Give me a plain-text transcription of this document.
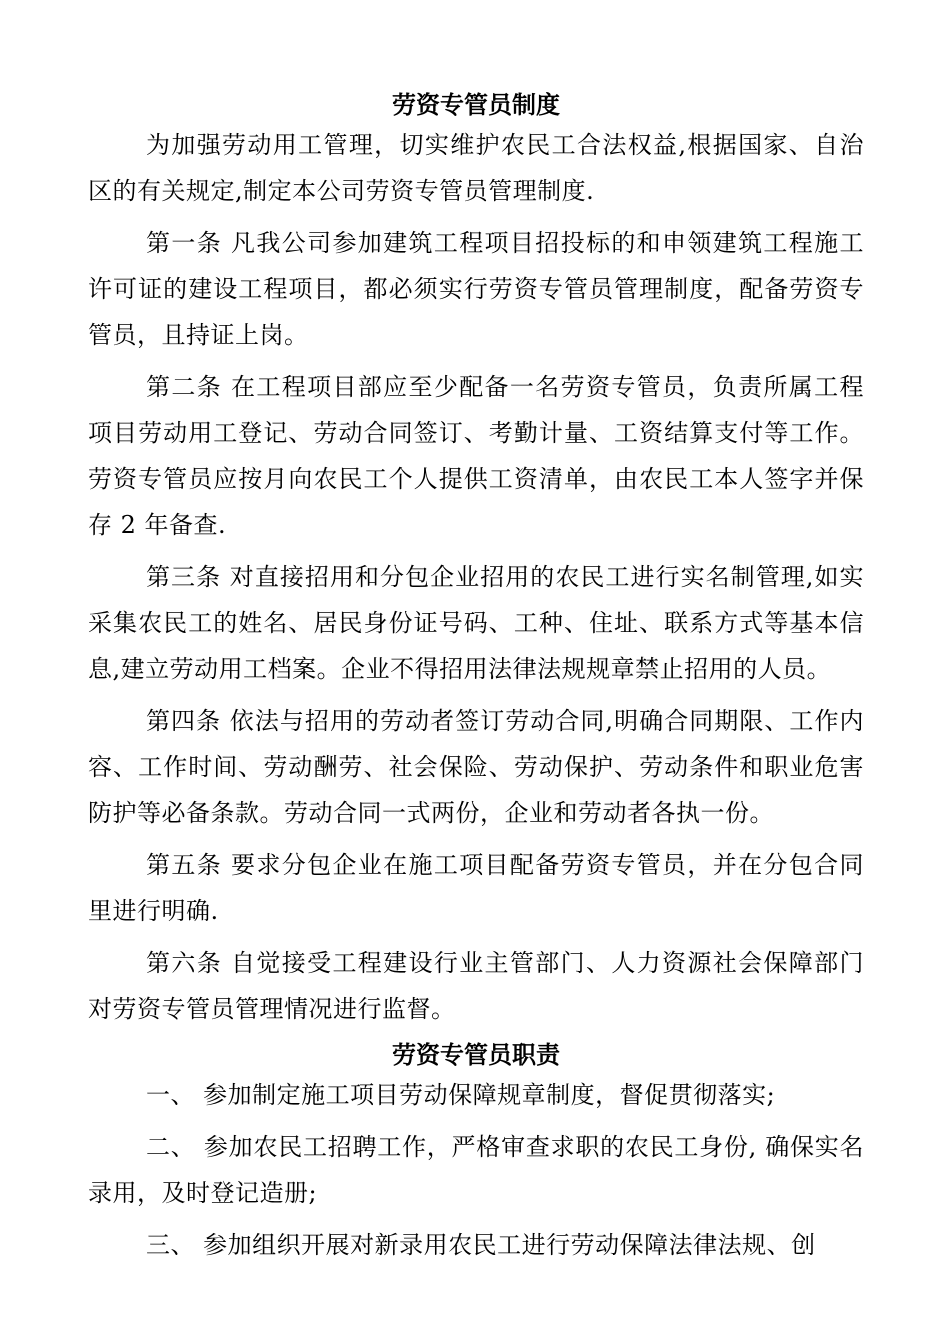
劳资专管员制度

为加强劳动用工管理，切实维护农民工合法权益,根据国家、自治区的有关规定,制定本公司劳资专管员管理制度.

第一条 凡我公司参加建筑工程项目招投标的和申领建筑工程施工许可证的建设工程项目，都必须实行劳资专管员管理制度，配备劳资专管员，且持证上岗。

第二条 在工程项目部应至少配备一名劳资专管员，负责所属工程项目劳动用工登记、劳动合同签订、考勤计量、工资结算支付等工作。劳资专管员应按月向农民工个人提供工资清单，由农民工本人签字并保存 2 年备查.

第三条 对直接招用和分包企业招用的农民工进行实名制管理,如实采集农民工的姓名、居民身份证号码、工种、住址、联系方式等基本信息,建立劳动用工档案。企业不得招用法律法规规章禁止招用的人员。

第四条 依法与招用的劳动者签订劳动合同,明确合同期限、工作内容、工作时间、劳动酬劳、社会保险、劳动保护、劳动条件和职业危害防护等必备条款。劳动合同一式两份，企业和劳动者各执一份。

第五条 要求分包企业在施工项目配备劳资专管员，并在分包合同里进行明确.

第六条 自觉接受工程建设行业主管部门、人力资源社会保障部门对劳资专管员管理情况进行监督。

劳资专管员职责

一、 参加制定施工项目劳动保障规章制度，督促贯彻落实;

二、 参加农民工招聘工作，严格审查求职的农民工身份, 确保实名录用，及时登记造册;

三、 参加组织开展对新录用农民工进行劳动保障法律法规、创
